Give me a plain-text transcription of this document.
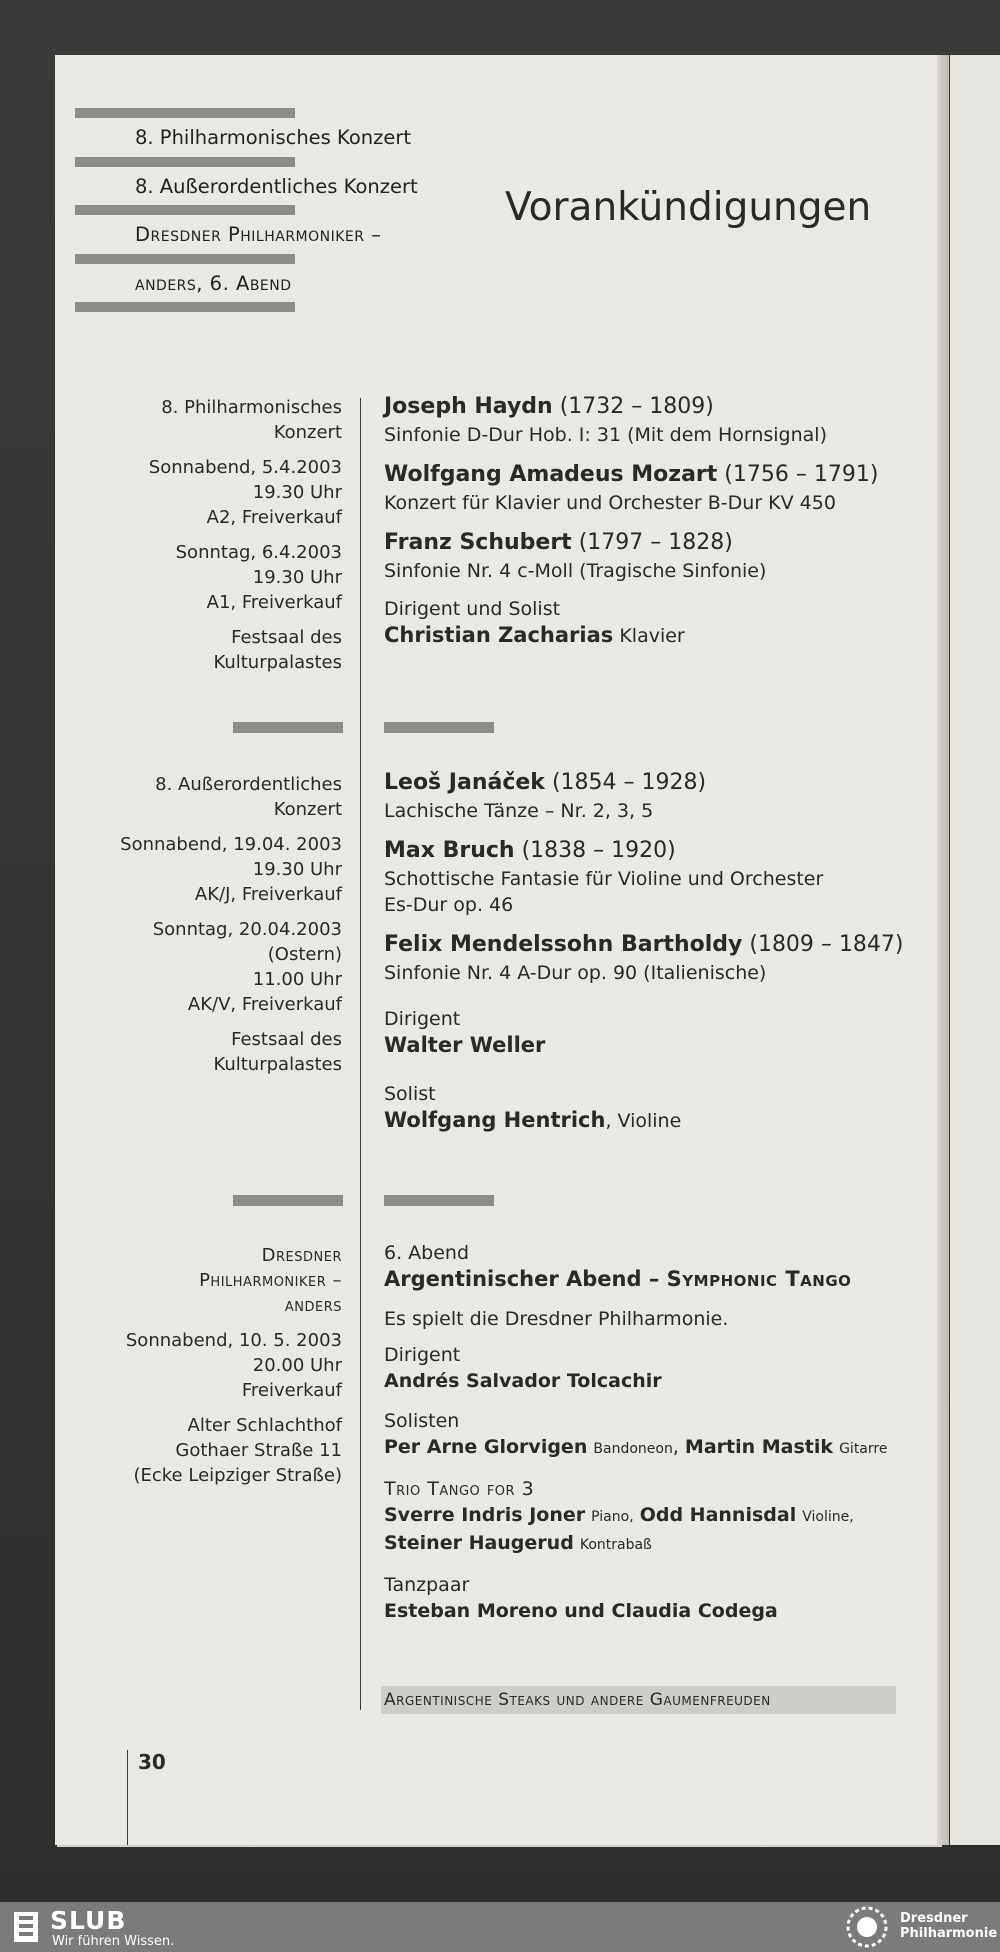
8. Philharmonisches Konzert
8. Außerordentliches Konzert
Dresdner Philharmoniker –
anders, 6. Abend
Vorankündigungen
8. Philharmonisches
Konzert
Sonnabend, 5.4.2003
19.30 Uhr
A2, Freiverkauf
Sonntag, 6.4.2003
19.30 Uhr
A1, Freiverkauf
Festsaal des
Kulturpalastes
Joseph Haydn (1732 – 1809)
Sinfonie D-Dur Hob. I: 31 (Mit dem Hornsignal)
Wolfgang Amadeus Mozart (1756 – 1791)
Konzert für Klavier und Orchester B-Dur KV 450
Franz Schubert (1797 – 1828)
Sinfonie Nr. 4 c-Moll (Tragische Sinfonie)
Dirigent und Solist
Christian Zacharias Klavier
8. Außerordentliches
Konzert
Sonnabend, 19.04. 2003
19.30 Uhr
AK/J, Freiverkauf
Sonntag, 20.04.2003
(Ostern)
11.00 Uhr
AK/V, Freiverkauf
Festsaal des
Kulturpalastes
Leoš Janáček (1854 – 1928)
Lachische Tänze – Nr. 2, 3, 5
Max Bruch (1838 – 1920)
Schottische Fantasie für Violine und Orchester
Es-Dur op. 46
Felix Mendelssohn Bartholdy (1809 – 1847)
Sinfonie Nr. 4 A-Dur op. 90 (Italienische)
Dirigent
Walter Weller
Solist
Wolfgang Hentrich, Violine
Dresdner
Philharmoniker –
anders
Sonnabend, 10. 5. 2003
20.00 Uhr
Freiverkauf
Alter Schlachthof
Gothaer Straße 11
(Ecke Leipziger Straße)
6. Abend
Argentinischer Abend – Symphonic Tango
Es spielt die Dresdner Philharmonie.
Dirigent
Andrés Salvador Tolcachir
Solisten
Per Arne Glorvigen Bandoneon, Martin Mastik Gitarre
Trio Tango for 3
Sverre Indris Joner Piano, Odd Hannisdal Violine,
Steiner Haugerud Kontrabaß
Tanzpaar
Esteban Moreno und Claudia Codega
Argentinische Steaks und andere Gaumenfreuden
30
SLUB
Wir führen Wissen.
Dresdner
Philharmonie
